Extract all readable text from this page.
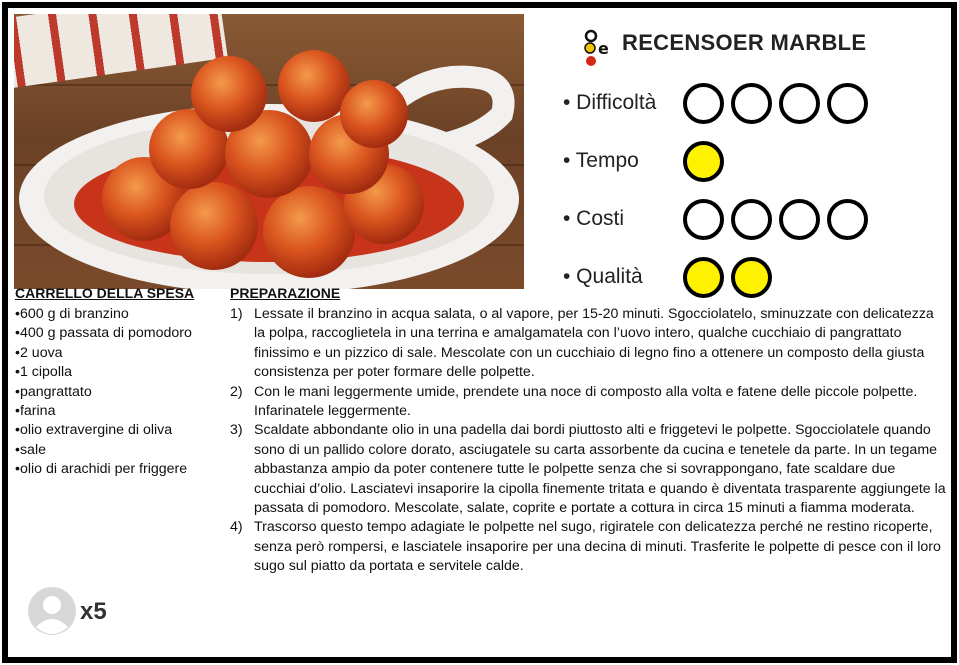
e RECENSOER MARBLE
• Difficoltà
• Tempo
• Costi
• Qualità
CARRELLO DELLA SPESA
•600 g di branzino
•400 g passata di pomodoro
•2 uova
•1 cipolla
•pangrattato
•farina
•olio extravergine di oliva
•sale
•olio di arachidi per friggere
PREPARAZIONE
1) Lessate il branzino in acqua salata, o al vapore, per 15-20 minuti. Sgocciolatelo, sminuzzate con delicatezza la polpa, raccoglietela in una terrina e amalgamatela con l’uovo intero, qualche cucchiaio di pangrattato finissimo e un pizzico di sale. Mescolate con un cucchiaio di legno fino a ottenere un composto della giusta consistenza per poter formare delle polpette.
2) Con le mani leggermente umide, prendete una noce di composto alla volta e fatene delle piccole polpette. Infarinatele leggermente.
3) Scaldate abbondante olio in una padella dai bordi piuttosto alti e friggetevi le polpette. Sgocciolatele quando sono di un pallido colore dorato, asciugatele su carta assorbente da cucina e tenetele da parte. In un tegame abbastanza ampio da poter contenere tutte le polpette senza che si sovrappongano, fate scaldare due cucchiai d’olio. Lasciatevi insaporire la cipolla finemente tritata e quando è diventata trasparente aggiungete la passata di pomodoro. Mescolate, salate, coprite e portate a cottura in circa 15 minuti a fiamma moderata.
4) Trascorso questo tempo adagiate le polpette nel sugo, rigiratele con delicatezza perché ne restino ricoperte, senza però rompersi, e lasciatele insaporire per una decina di minuti. Trasferite le polpette di pesce con il loro sugo sul piatto da portata e servitele calde.
x5
